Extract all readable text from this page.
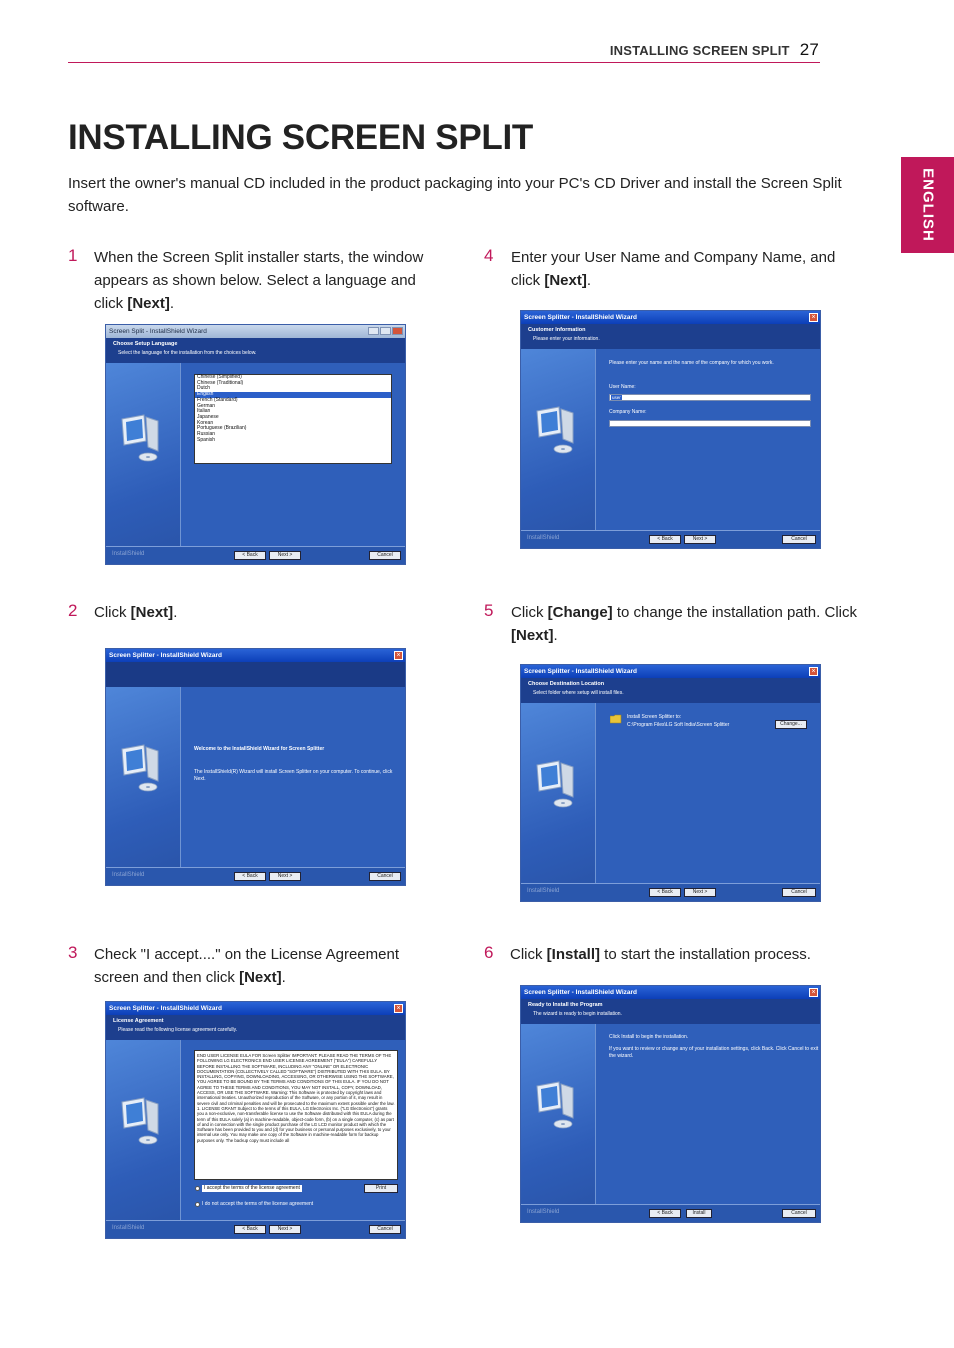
INSTALLING SCREEN SPLIT 27
ENGLISH
INSTALLING SCREEN SPLIT
Insert the owner's manual CD included in the product packaging into your PC's CD Driver and install the Screen Split software.
1 When the Screen Split installer starts, the window appears as shown below. Select a language and click [Next].
Screen Split - InstallShield Wizard
Choose Setup Language
Select the language for the installation from the choices below.
Chinese (Simplified)
Chinese (Traditional)
Dutch
English
French (Standard)
German
Italian
Japanese
Korean
Portuguese (Brazilian)
Russian
Spanish
InstallShield	< Back	Next >	Cancel
2 Click [Next].
Screen Splitter - InstallShield Wizard	×
Welcome to the InstallShield Wizard for Screen Splitter
The InstallShield(R) Wizard will install Screen Splitter on your computer. To continue, click Next.
InstallShield	< Back	Next >	Cancel
3 Check "I accept...." on the License Agreement screen and then click [Next].
Screen Splitter - InstallShield Wizard	×
License Agreement
Please read the following license agreement carefully.
END USER LICENSE EULA FOR Screen Splitter IMPORTANT: PLEASE READ THE TERMS OF THE FOLLOWING LG ELECTRONICS END USER LICENSE AGREEMENT ("EULA") CAREFULLY BEFORE INSTALLING THE SOFTWARE, INCLUDING ANY "ONLINE" OR ELECTRONIC DOCUMENTATION (COLLECTIVELY CALLED "SOFTWARE") DISTRIBUTED WITH THIS EULA. BY INSTALLING, COPYING, DOWNLOADING, ACCESSING, OR OTHERWISE USING THE SOFTWARE, YOU AGREE TO BE BOUND BY THE TERMS AND CONDITIONS OF THIS EULA. IF YOU DO NOT AGREE TO THESE TERMS AND CONDITIONS, YOU MAY NOT INSTALL, COPY, DOWNLOAD, ACCESS, OR USE THE SOFTWARE. Warning: This Software is protected by copyright laws and international treaties. Unauthorized reproduction of the Software, or any portion of it, may result in severe civil and criminal penalties and will be prosecuted to the maximum extent possible under the law. 1. LICENSE GRANT Subject to the terms of this EULA, LG Electronics Inc. ("LG Electronics") grants you a non-exclusive, non-transferable license to use the Software distributed with this EULA during the term of this EULA solely (a) in machine-readable, object-code form, (b) on a single computer, (c) as part of and in connection with the single product purchase of the LG LCD monitor product with which the Software has been provided to you and (d) for your business or personal purposes exclusively, to your internal use only. You may make one copy of the Software in machine-readable form for backup purposes only. The backup copy must include all
I accept the terms of the license agreement	Print
I do not accept the terms of the license agreement
InstallShield	< Back	Next >	Cancel
4 Enter your User Name and Company Name, and click [Next].
Screen Splitter - InstallShield Wizard	×
Customer Information
Please enter your information.
Please enter your name and the name of the company for which you work.
User Name:
user
Company Name:
InstallShield	< Back	Next >	Cancel
5 Click [Change] to change the installation path. Click [Next].
Screen Splitter - InstallShield Wizard	×
Choose Destination Location
Select folder where setup will install files.
Install Screen Splitter to:
C:\Program Files\LG Soft India\Screen Splitter	Change...
InstallShield	< Back	Next >	Cancel
6 Click [Install] to start the installation process.
Screen Splitter - InstallShield Wizard	×
Ready to Install the Program
The wizard is ready to begin installation.
Click Install to begin the installation.
If you want to review or change any of your installation settings, click Back. Click Cancel to exit the wizard.
InstallShield	< Back	Install	Cancel
